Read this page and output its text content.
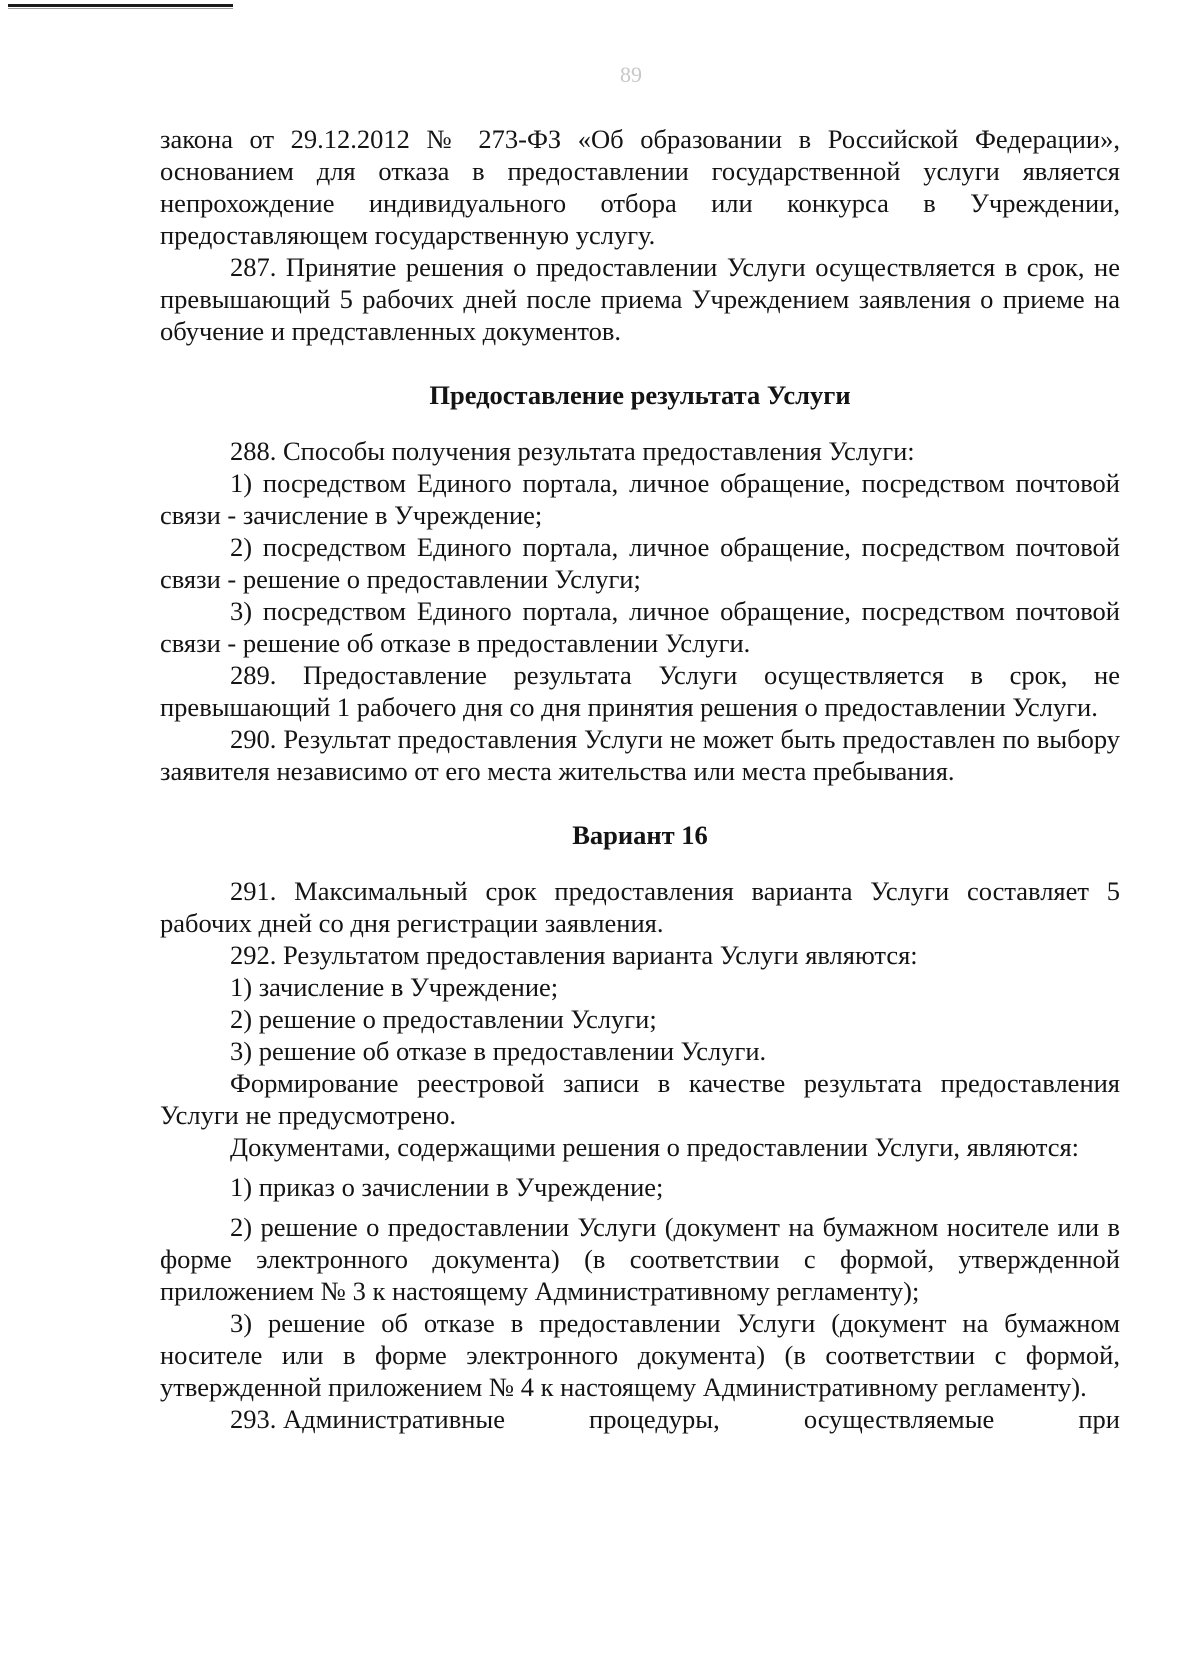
89

закона от 29.12.2012 № 273-ФЗ «Об образовании в Российской Федерации», основанием для отказа в предоставлении государственной услуги является непрохождение индивидуального отбора или конкурса в Учреждении, предоставляющем государственную услугу.

287. Принятие решения о предоставлении Услуги осуществляется в срок, не превышающий 5 рабочих дней после приема Учреждением заявления о приеме на обучение и представленных документов.

Предоставление результата Услуги

288. Способы получения результата предоставления Услуги:

1) посредством Единого портала, личное обращение, посредством почтовой связи - зачисление в Учреждение;

2) посредством Единого портала, личное обращение, посредством почтовой связи - решение о предоставлении Услуги;

3) посредством Единого портала, личное обращение, посредством почтовой связи - решение об отказе в предоставлении Услуги.

289. Предоставление результата Услуги осуществляется в срок, не превышающий 1 рабочего дня со дня принятия решения о предоставлении Услуги.

290. Результат предоставления Услуги не может быть предоставлен по выбору заявителя независимо от его места жительства или места пребывания.

Вариант 16

291. Максимальный срок предоставления варианта Услуги составляет 5 рабочих дней со дня регистрации заявления.

292. Результатом предоставления варианта Услуги являются:

1) зачисление в Учреждение;

2) решение о предоставлении Услуги;

3) решение об отказе в предоставлении Услуги.

Формирование реестровой записи в качестве результата предоставления Услуги не предусмотрено.

Документами, содержащими решения о предоставлении Услуги, являются:

1) приказ о зачислении в Учреждение;

2) решение о предоставлении Услуги (документ на бумажном носителе или в форме электронного документа) (в соответствии с формой, утвержденной приложением № 3 к настоящему Административному регламенту);

3) решение об отказе в предоставлении Услуги (документ на бумажном носителе или в форме электронного документа) (в соответствии с формой, утвержденной приложением № 4 к настоящему Административному регламенту).

293. Административные	процедуры,	осуществляемые	при
